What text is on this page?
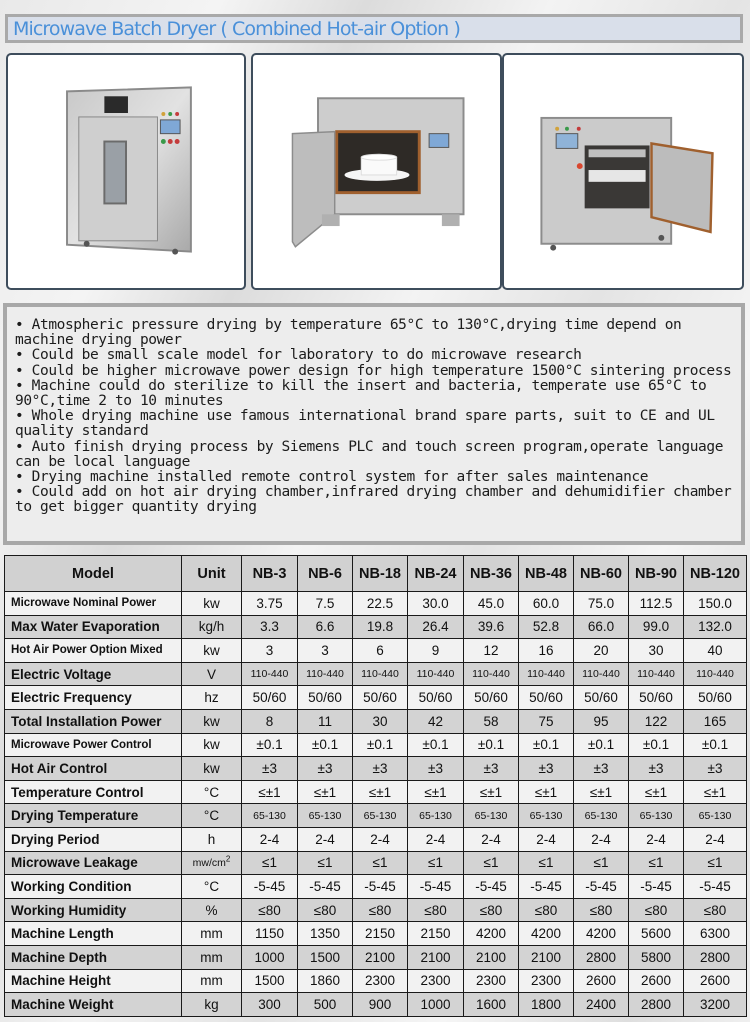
Microwave Batch Dryer ( Combined Hot-air Option )
• Atmospheric pressure drying by temperature 65°C to 130°C,drying time depend on machine drying power
• Could be small scale model for laboratory to do microwave research
• Could be higher microwave power design for high temperature 1500°C sintering process
• Machine could do sterilize to kill the insert and bacteria, temperate use 65°C to 90°C,time 2 to 10 minutes
• Whole drying machine use famous international brand spare parts, suit to CE and UL quality standard
• Auto finish drying process by Siemens PLC and touch screen program,operate language can be local language
• Drying machine installed remote control system for after sales maintenance
• Could add on hot air drying chamber,infrared drying chamber and dehumidifier chamber to get bigger quantity drying
Model	Unit	NB-3	NB-6	NB-18	NB-24	NB-36	NB-48	NB-60	NB-90	NB-120
Microwave Nominal Power	kw	3.75	7.5	22.5	30.0	45.0	60.0	75.0	112.5	150.0
Max Water Evaporation	kg/h	3.3	6.6	19.8	26.4	39.6	52.8	66.0	99.0	132.0
Hot Air Power Option Mixed	kw	3	3	6	9	12	16	20	30	40
Electric Voltage	V	110-440	110-440	110-440	110-440	110-440	110-440	110-440	110-440	110-440
Electric Frequency	hz	50/60	50/60	50/60	50/60	50/60	50/60	50/60	50/60	50/60
Total Installation Power	kw	8	11	30	42	58	75	95	122	165
Microwave Power Control	kw	±0.1	±0.1	±0.1	±0.1	±0.1	±0.1	±0.1	±0.1	±0.1
Hot Air Control	kw	±3	±3	±3	±3	±3	±3	±3	±3	±3
Temperature Control	°C	≤±1	≤±1	≤±1	≤±1	≤±1	≤±1	≤±1	≤±1	≤±1
Drying Temperature	°C	65-130	65-130	65-130	65-130	65-130	65-130	65-130	65-130	65-130
Drying Period	h	2-4	2-4	2-4	2-4	2-4	2-4	2-4	2-4	2-4
Microwave Leakage	$mw/cm^2$	≤1	≤1	≤1	≤1	≤1	≤1	≤1	≤1	≤1
Working Condition	°C	-5-45	-5-45	-5-45	-5-45	-5-45	-5-45	-5-45	-5-45	-5-45
Working Humidity	%	≤80	≤80	≤80	≤80	≤80	≤80	≤80	≤80	≤80
Machine Length	mm	1150	1350	2150	2150	4200	4200	4200	5600	6300
Machine Depth	mm	1000	1500	2100	2100	2100	2100	2800	5800	2800
Machine Height	mm	1500	1860	2300	2300	2300	2300	2600	2600	2600
Machine Weight	kg	300	500	900	1000	1600	1800	2400	2800	3200
